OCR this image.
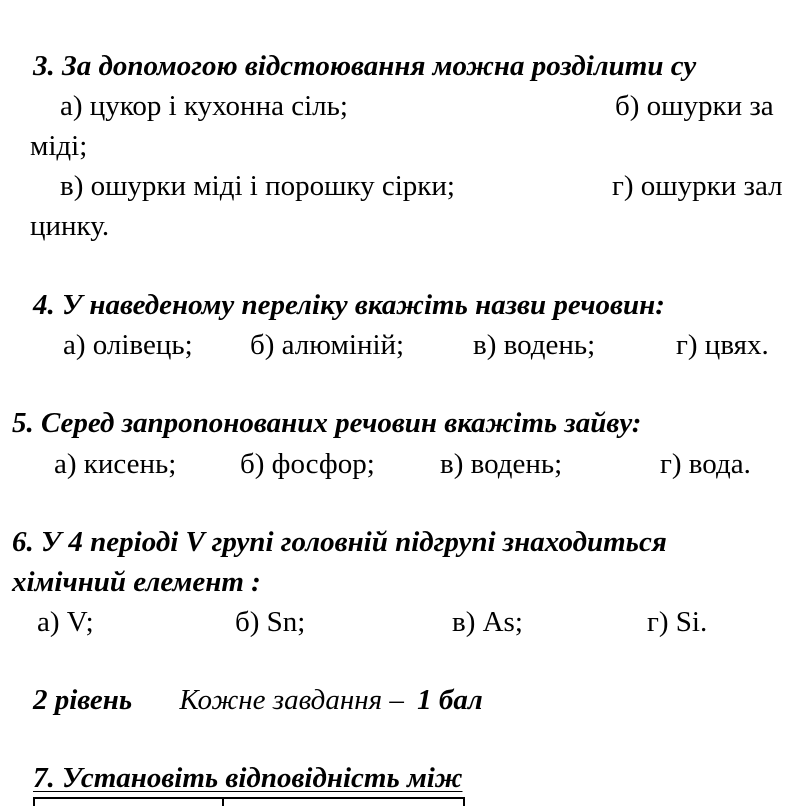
3. За допомогою відстоювання можна розділити су
а) цукор і кухонна сіль;	б) ошурки за
міді;
в) ошурки міді і порошку сірки;	г) ошурки зал
цинку.
4. У наведеному переліку вкажіть назви речовин:
а) олівець; б) алюміній; в) водень;	г) цвях.
5. Серед запропонованих речовин вкажіть зайву:
а) кисень; б) фосфор; в) водень;	г) вода.
6. У 4 періоді V групі головній підгрупі знаходиться
хімічний елемент :
а) V;	б) Sn;	в) As;	г) Si.
2 рівень Кожне завдання – 1 бал
7. Установіть відповідність між
